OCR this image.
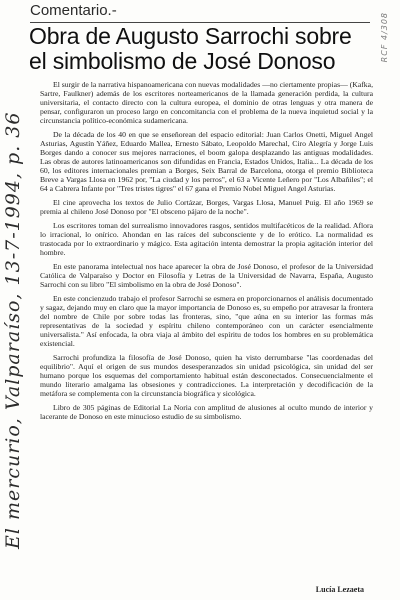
Comentario.-
Obra de Augusto Sarrochi sobre
el simbolismo de José Donoso	RCF 4/308
El mercurio, Valparaíso, 13-7-1994, p. 36

El surgir de la narrativa hispanoamericana con nuevas modalidades —no ciertamente propias— (Kafka, Sartre, Faulkner) además de los escritores norteamericanos de la llamada generación perdida, la cultura universitaria, el contacto directo con la cultura europea, el dominio de otras lenguas y otra manera de pensar, configuraron un proceso largo en concomitancia con el problema de la nueva inquietud social y la circunstancia político-económica sudamericana.

De la década de los 40 en que se enseñorean del espacio editorial: Juan Carlos Onetti, Miguel Angel Asturias, Agustín Yáñez, Eduardo Mallea, Ernesto Sábato, Leopoldo Marechal, Ciro Alegría y Jorge Luis Borges dando a conocer sus mejores narraciones, el boom galopa desplazando las antiguas modalidades. Las obras de autores latinoamericanos son difundidas en Francia, Estados Unidos, Italia... La década de los 60, los editores internacionales premian a Borges, Seix Barral de Barcelona, otorga el premio Biblioteca Breve a Vargas Llosa en 1962 por, "La ciudad y los perros", el 63 a Vicente Leñero por "Los Albañiles"; el 64 a Cabrera Infante por "Tres tristes tigres" el 67 gana el Premio Nobel Miguel Angel Asturias.

El cine aprovecha los textos de Julio Cortázar, Borges, Vargas Llosa, Manuel Puig. El año 1969 se premia al chileno José Donoso por "El obsceno pájaro de la noche".

Los escritores toman del surrealismo innovadores rasgos, sentidos multifacéticos de la realidad. Aflora lo irracional, lo onírico. Ahondan en las raíces del subconsciente y de lo erótico. La normalidad es trastocada por lo extraordinario y mágico. Esta agitación intenta demostrar la propia agitación interior del hombre.

En este panorama intelectual nos hace aparecer la obra de José Donoso, el profesor de la Universidad Católica de Valparaíso y Doctor en Filosofía y Letras de la Universidad de Navarra, España, Augusto Sarrochi con su libro "El simbolismo en la obra de José Donoso".

En este concienzudo trabajo el profesor Sarrochi se esmera en proporcionarnos el análisis documentado y sagaz, dejando muy en claro que la mayor importancia de Donoso es, su empeño por atravesar la frontera del nombre de Chile por sobre todas las fronteras, sino, "que aúna en su interior las formas más representativas de la sociedad y espíritu chileno contemporáneo con un carácter esencialmente universalista." Así enfocada, la obra viaja al ámbito del espíritu de todos los hombres en su problemática existencial.

Sarrochi profundiza la filosofía de José Donoso, quien ha visto derrumbarse "las coordenadas del equilibrio". Aquí el origen de sus mundos desesperanzados sin unidad psicológica, sin unidad del ser humano porque los esquemas del comportamiento habitual están desconectados. Consecuencialmente el mundo literario amalgama las obsesiones y contradicciones. La interpretación y decodificación de la metáfora se complementa con la circunstancia biográfica y sicológica.

Libro de 305 páginas de Editorial La Noria con amplitud de alusiones al oculto mundo de interior y lacerante de Donoso en este minucioso estudio de su simbolismo.

Lucía Lezaeta
